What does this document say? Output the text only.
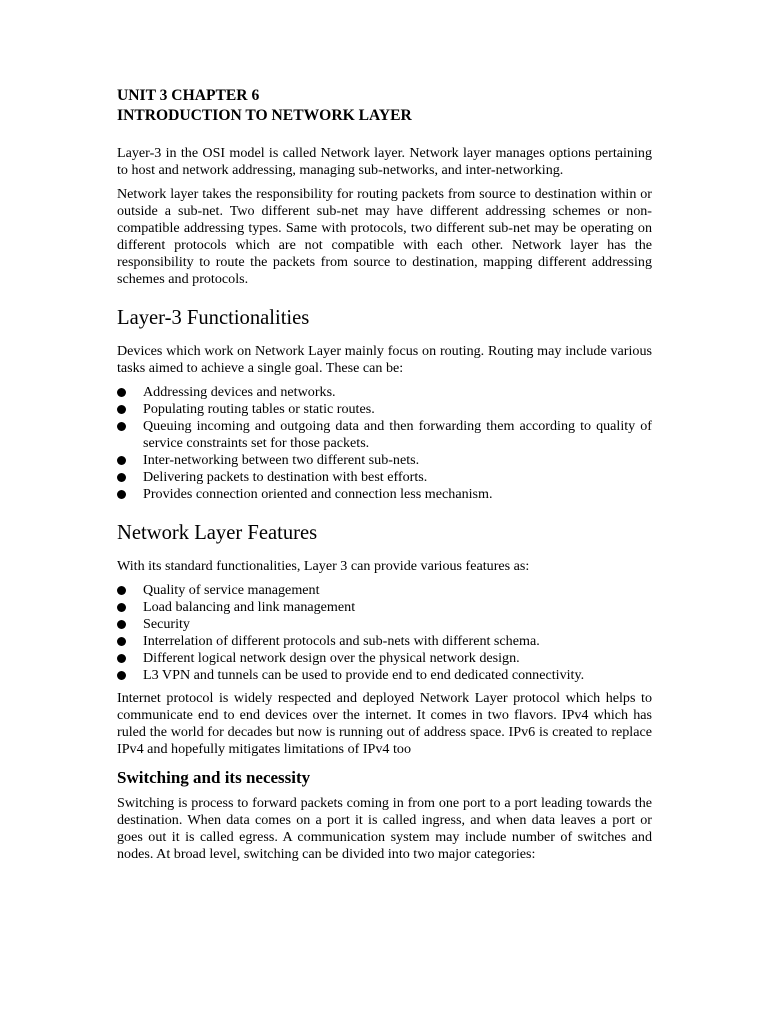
UNIT 3 CHAPTER 6
INTRODUCTION TO NETWORK LAYER

Layer-3 in the OSI model is called Network layer. Network layer manages options pertaining to host and network addressing, managing sub-networks, and inter-networking.

Network layer takes the responsibility for routing packets from source to destination within or outside a sub-net. Two different sub-net may have different addressing schemes or non-compatible addressing types. Same with protocols, two different sub-net may be operating on different protocols which are not compatible with each other. Network layer has the responsibility to route the packets from source to destination, mapping different addressing schemes and protocols.

Layer-3 Functionalities

Devices which work on Network Layer mainly focus on routing. Routing may include various tasks aimed to achieve a single goal. These can be:

Addressing devices and networks.
Populating routing tables or static routes.
Queuing incoming and outgoing data and then forwarding them according to quality of service constraints set for those packets.
Inter-networking between two different sub-nets.
Delivering packets to destination with best efforts.
Provides connection oriented and connection less mechanism.
Network Layer Features

With its standard functionalities, Layer 3 can provide various features as:

Quality of service management
Load balancing and link management
Security
Interrelation of different protocols and sub-nets with different schema.
Different logical network design over the physical network design.
L3 VPN and tunnels can be used to provide end to end dedicated connectivity.

Internet protocol is widely respected and deployed Network Layer protocol which helps to communicate end to end devices over the internet. It comes in two flavors. IPv4 which has ruled the world for decades but now is running out of address space. IPv6 is created to replace IPv4 and hopefully mitigates limitations of IPv4 too

Switching and its necessity

Switching is process to forward packets coming in from one port to a port leading towards the destination. When data comes on a port it is called ingress, and when data leaves a port or goes out it is called egress. A communication system may include number of switches and nodes. At broad level, switching can be divided into two major categories:
